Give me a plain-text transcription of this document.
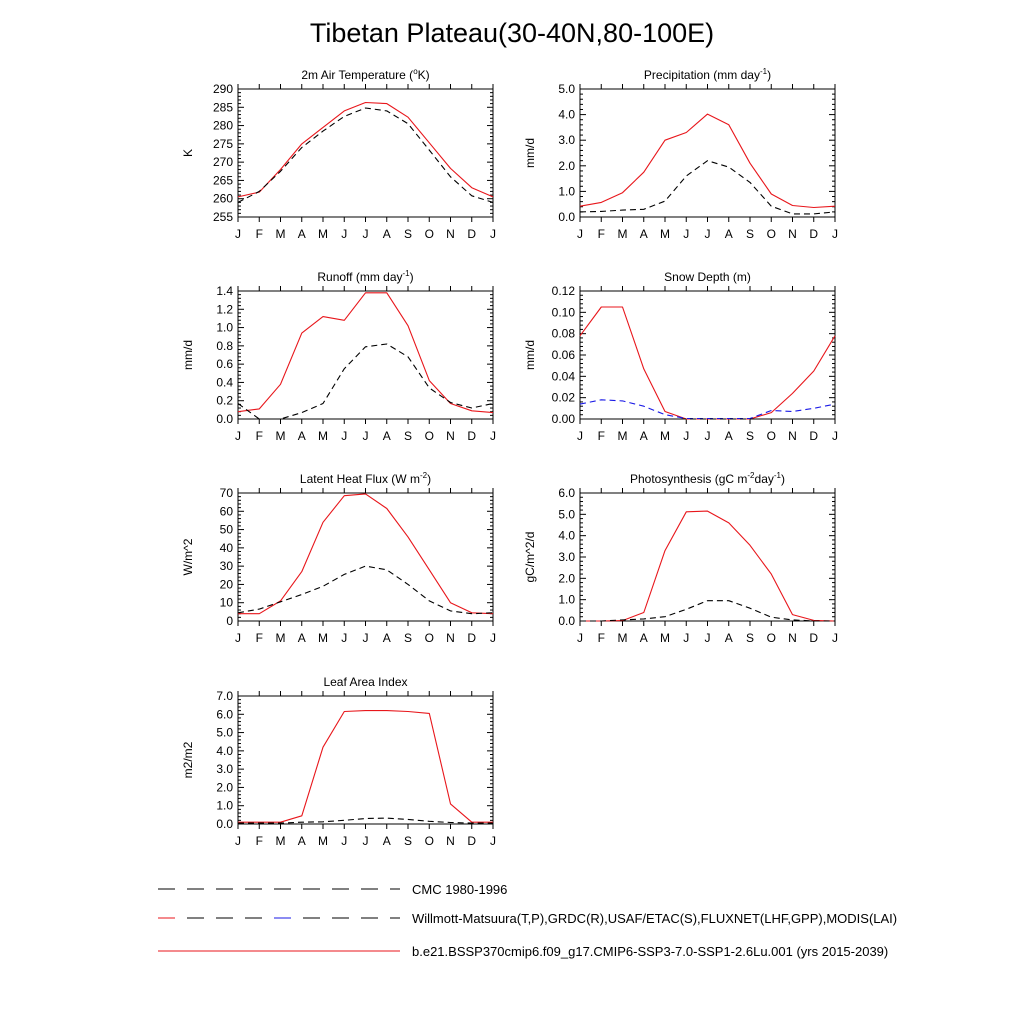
Tibetan Plateau(30-40N,80-100E)
2m Air Temperature ($^o$K)
255
260
265
270
275
280
285
290
J F M A M J J A S O N D J
K
Precipitation (mm day$^{-1}$)
0.0
1.0
2.0
3.0
4.0
5.0
J F M A M J J A S O N D J
mm/d
Runoff (mm day$^{-1}$)
0.0
0.2
0.4
0.6
0.8
1.0
1.2
1.4
J F M A M J J A S O N D J
mm/d
Snow Depth (m)
0.00
0.02
0.04
0.06
0.08
0.10
0.12
J F M A M J J A S O N D J
mm/d
Latent Heat Flux (W $m^{-2}$)
0
10
20
30
40
50
60
70
J F M A M J J A S O N D J
W/m^2
Photosynthesis (gC $m^{-2}day^{-1}$)
0.0
1.0
2.0
3.0
4.0
5.0
6.0
J F M A M J J A S O N D J
gC/m^2/d
Leaf Area Index
0.0
1.0
2.0
3.0
4.0
5.0
6.0
7.0
J F M A M J J A S O N D J
m2/m2
CMC 1980-1996
Willmott-Matsuura(T,P),GRDC(R),USAF/ETAC(S),FLUXNET(LHF,GPP),MODIS(LAI)
b.e21.BSSP370cmip6.f09_g17.CMIP6-SSP3-7.0-SSP1-2.6Lu.001 (yrs 2015-2039)
